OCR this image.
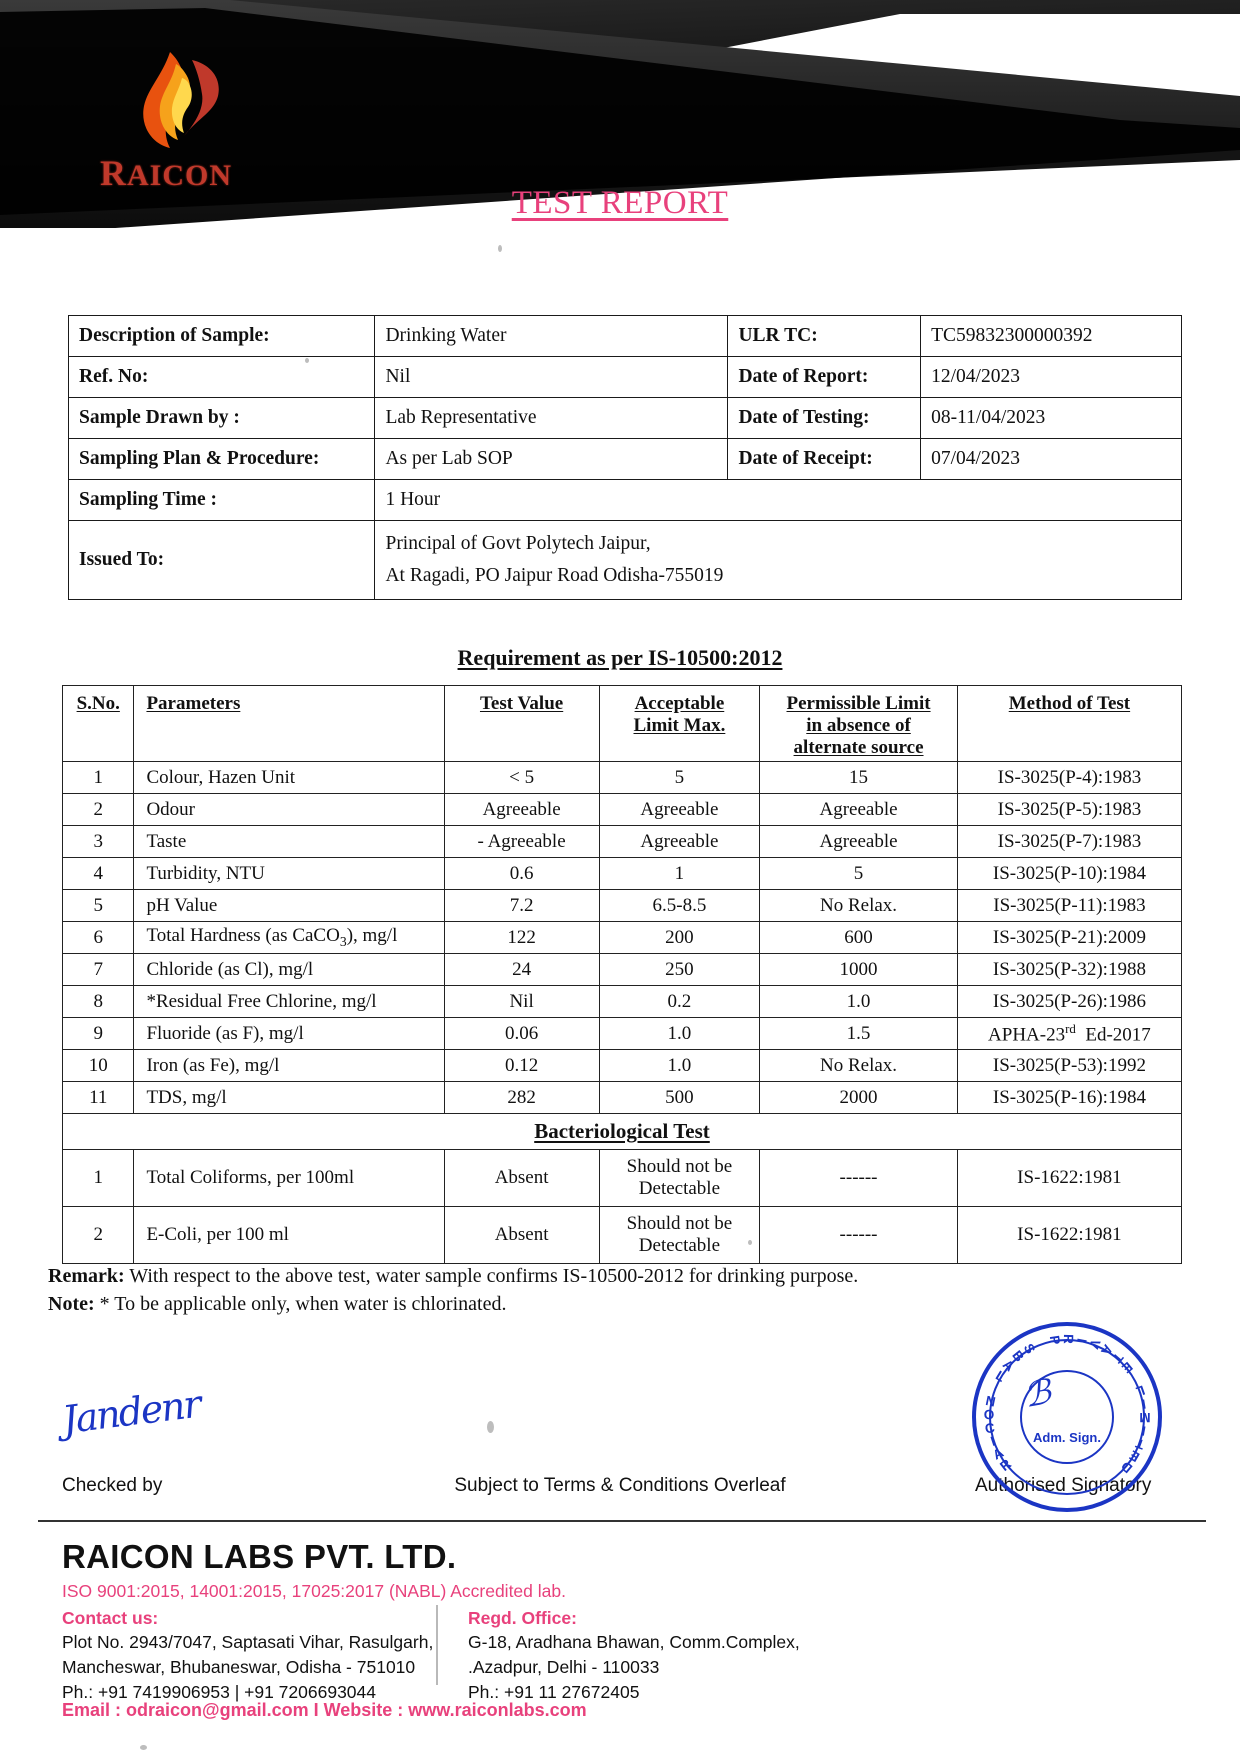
RAICON
TEST REPORT
Description of Sample:	Drinking Water	ULR TC:	TC59832300000392
Ref. No:	Nil	Date of Report:	12/04/2023
Sample Drawn by :	Lab Representative	Date of Testing:	08-11/04/2023
Sampling Plan & Procedure:	As per Lab SOP	Date of Receipt:	07/04/2023
Sampling Time :	1 Hour		
Issued To:	Principal of Govt Polytech Jaipur,
At Ragadi, PO Jaipur Road Odisha-755019		
Requirement as per IS-10500:2012
S.No.	Parameters	Test Value	Acceptable
Limit Max.	Permissible Limit
in absence of
alternate source	Method of Test
1	Colour, Hazen Unit	< 5	5	15	IS-3025(P-4):1983
2	Odour	Agreeable	Agreeable	Agreeable	IS-3025(P-5):1983
3	Taste	- Agreeable	Agreeable	Agreeable	IS-3025(P-7):1983
4	Turbidity, NTU	0.6	1	5	IS-3025(P-10):1984
5	pH Value	7.2	6.5-8.5	No Relax.	IS-3025(P-11):1983
6	Total Hardness (as CaCO$_3$), mg/l	122	200	600	IS-3025(P-21):2009
7	Chloride (as Cl), mg/l	24	250	1000	IS-3025(P-32):1988
8	*Residual Free Chlorine, mg/l	Nil	0.2	1.0	IS-3025(P-26):1986
9	Fluoride (as F), mg/l	0.06	1.0	1.5	APHA-23rd  Ed-2017
10	Iron (as Fe), mg/l	0.12	1.0	No Relax.	IS-3025(P-53):1992
11	TDS, mg/l	282	500	2000	IS-3025(P-16):1984
Bacteriological Test					
1	Total Coliforms, per 100ml	Absent	Should not be
Detectable	------	IS-1622:1981
2	E-Coli, per 100 ml	Absent	Should not be
Detectable	------	IS-1622:1981
Remark: With respect to the above test, water sample confirms IS-10500-2012 for drinking purpose.
Note: * To be applicable only, when water is chlorinated.
Jandenr
Checked by	Subject to Terms & Conditions Overleaf	Authorised Signatory
R
A
I
C
O
N
L
A
B
S
P
R
I
V
A
T
E
L
I
M
I
T
E
D
ℬ
Adm. Sign.
RAICON LABS PVT. LTD.
ISO 9001:2015, 14001:2015, 17025:2017 (NABL) Accredited lab.
Contact us:
Plot No. 2943/7047, Saptasati Vihar, Rasulgarh,
Mancheswar, Bhubaneswar, Odisha - 751010
Ph.: +91 7419906953 | +91 7206693044
Regd. Office:
G-18, Aradhana Bhawan, Comm.Complex,
.Azadpur, Delhi - 110033
Ph.: +91 11 27672405
Email : odraicon@gmail.com I Website : www.raiconlabs.com
